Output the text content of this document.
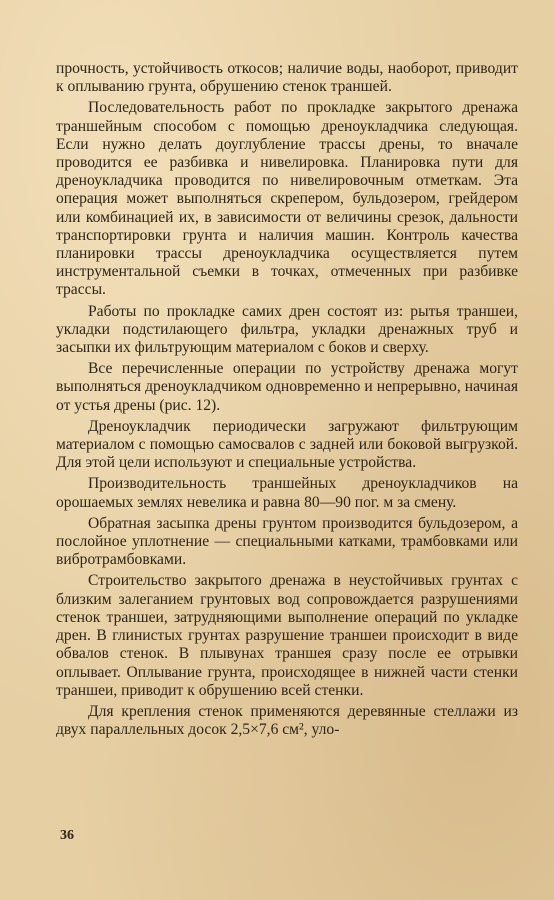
прочность, устойчивость откосов; наличие воды, наоборот, приводит к оплыванию грунта, обрушению стенок траншей.

Последовательность работ по прокладке закрытого дренажа траншейным способом с помощью дреноукладчика следующая. Если нужно делать доуглубление трассы дрены, то вначале проводится ее разбивка и нивелировка. Планировка пути для дреноукладчика проводится по нивелировочным отметкам. Эта операция может выполняться скрепером, бульдозером, грейдером или комбинацией их, в зависимости от величины срезок, дальности транспортировки грунта и наличия машин. Контроль качества планировки трассы дреноукладчика осуществляется путем инструментальной съемки в точках, отмеченных при разбивке трассы.

Работы по прокладке самих дрен состоят из: рытья траншеи, укладки подстилающего фильтра, укладки дренажных труб и засыпки их фильтрующим материалом с боков и сверху.

Все перечисленные операции по устройству дренажа могут выполняться дреноукладчиком одновременно и непрерывно, начиная от устья дрены (рис. 12).

Дреноукладчик периодически загружают фильтрующим материалом с помощью самосвалов с задней или боковой выгрузкой. Для этой цели используют и специальные устройства.

Производительность траншейных дреноукладчиков на орошаемых землях невелика и равна 80—90 пог. м за смену.

Обратная засыпка дрены грунтом производится бульдозером, а послойное уплотнение — специальными катками, трамбовками или вибротрамбовками.

Строительство закрытого дренажа в неустойчивых грунтах с близким залеганием грунтовых вод сопровождается разрушениями стенок траншеи, затрудняющими выполнение операций по укладке дрен. В глинистых грунтах разрушение траншеи происходит в виде обвалов стенок. В плывунах траншея сразу после ее отрывки оплывает. Оплывание грунта, происходящее в нижней части стенки траншеи, приводит к обрушению всей стенки.

Для крепления стенок применяются деревянные стеллажи из двух параллельных досок 2,5×7,6 см², уло-

36
